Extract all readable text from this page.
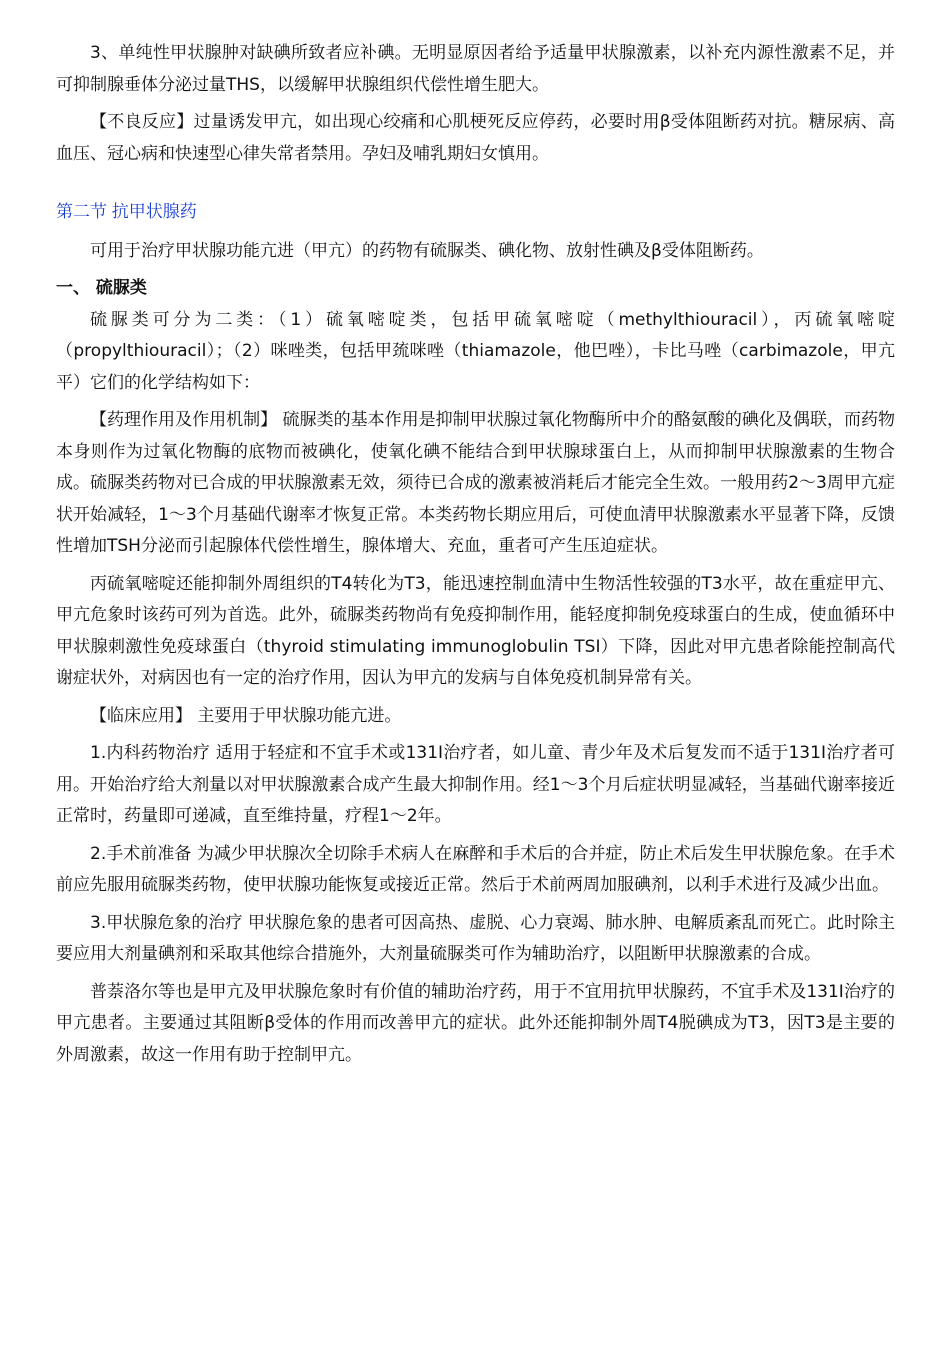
3、单纯性甲状腺肿对缺碘所致者应补碘。无明显原因者给予适量甲状腺激素，以补充内源性激素不足，并可抑制腺垂体分泌过量THS，以缓解甲状腺组织代偿性增生肥大。

【不良反应】过量诱发甲亢，如出现心绞痛和心肌梗死反应停药，必要时用β受体阻断药对抗。糖尿病、高血压、冠心病和快速型心律失常者禁用。孕妇及哺乳期妇女慎用。

第二节 抗甲状腺药

可用于治疗甲状腺功能亢进（甲亢）的药物有硫脲类、碘化物、放射性碘及β受体阻断药。

一、 硫脲类

硫脲类可分为二类：（1）硫氧嘧啶类，包括甲硫氧嘧啶（methylthiouracil），丙硫氧嘧啶（propylthiouracil）；（2）咪唑类，包括甲巯咪唑（thiamazole，他巴唑），卡比马唑（carbimazole，甲亢平）它们的化学结构如下：

【药理作用及作用机制】 硫脲类的基本作用是抑制甲状腺过氧化物酶所中介的酪氨酸的碘化及偶联，而药物本身则作为过氧化物酶的底物而被碘化，使氧化碘不能结合到甲状腺球蛋白上，从而抑制甲状腺激素的生物合成。硫脲类药物对已合成的甲状腺激素无效，须待已合成的激素被消耗后才能完全生效。一般用药2～3周甲亢症状开始减轻，1～3个月基础代谢率才恢复正常。本类药物长期应用后，可使血清甲状腺激素水平显著下降，反馈性增加TSH分泌而引起腺体代偿性增生，腺体增大、充血，重者可产生压迫症状。

丙硫氧嘧啶还能抑制外周组织的T4转化为T3，能迅速控制血清中生物活性较强的T3水平，故在重症甲亢、甲亢危象时该药可列为首选。此外，硫脲类药物尚有免疫抑制作用，能轻度抑制免疫球蛋白的生成，使血循环中甲状腺刺激性免疫球蛋白（thyroid stimulating immunoglobulin TSI）下降，因此对甲亢患者除能控制高代谢症状外，对病因也有一定的治疗作用，因认为甲亢的发病与自体免疫机制异常有关。

【临床应用】 主要用于甲状腺功能亢进。

1.内科药物治疗 适用于轻症和不宜手术或131I治疗者，如儿童、青少年及术后复发而不适于131I治疗者可用。开始治疗给大剂量以对甲状腺激素合成产生最大抑制作用。经1～3个月后症状明显减轻，当基础代谢率接近正常时，药量即可递减，直至维持量，疗程1～2年。

2.手术前准备 为减少甲状腺次全切除手术病人在麻醉和手术后的合并症，防止术后发生甲状腺危象。在手术前应先服用硫脲类药物，使甲状腺功能恢复或接近正常。然后于术前两周加服碘剂，以利手术进行及减少出血。

3.甲状腺危象的治疗 甲状腺危象的患者可因高热、虚脱、心力衰竭、肺水肿、电解质紊乱而死亡。此时除主要应用大剂量碘剂和采取其他综合措施外，大剂量硫脲类可作为辅助治疗，以阻断甲状腺激素的合成。

普萘洛尔等也是甲亢及甲状腺危象时有价值的辅助治疗药，用于不宜用抗甲状腺药，不宜手术及131I治疗的甲亢患者。主要通过其阻断β受体的作用而改善甲亢的症状。此外还能抑制外周T4脱碘成为T3，因T3是主要的外周激素，故这一作用有助于控制甲亢。
